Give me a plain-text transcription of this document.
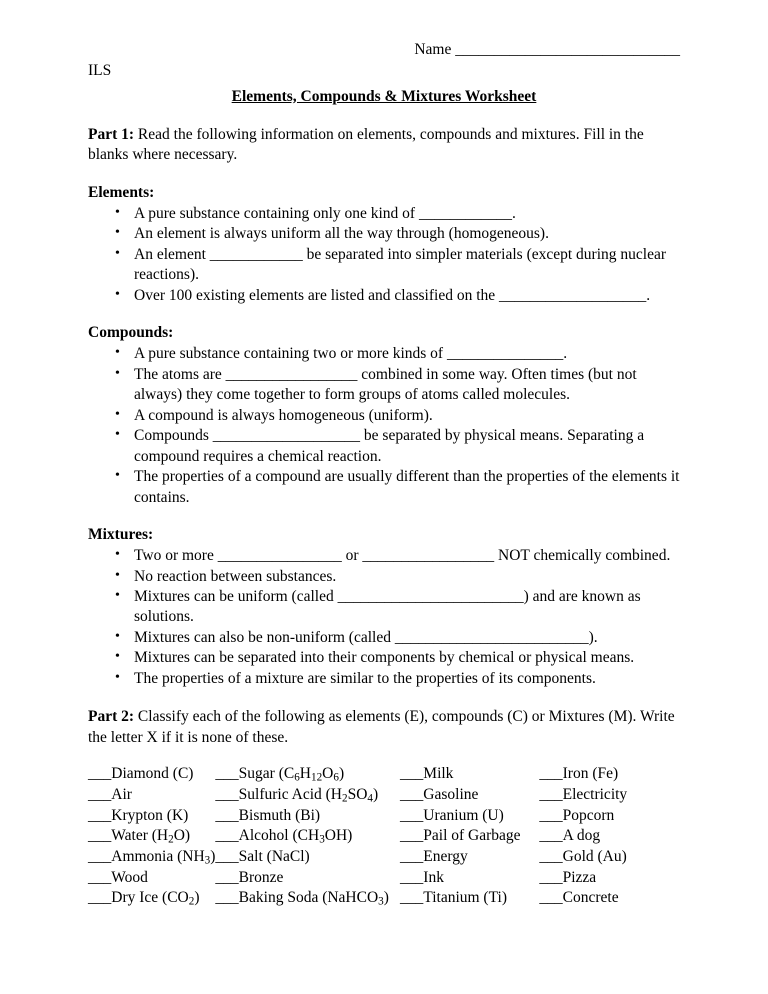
Name _____________________________
ILS
Elements, Compounds & Mixtures Worksheet

Part 1: Read the following information on elements, compounds and mixtures. Fill in the blanks where necessary.

Elements:
• A pure substance containing only one kind of ____________.
• An element is always uniform all the way through (homogeneous).
• An element ____________ be separated into simpler materials (except during nuclear reactions).
• Over 100 existing elements are listed and classified on the ___________________.
Compounds:
• A pure substance containing two or more kinds of _______________.
• The atoms are _________________ combined in some way. Often times (but not always) they come together to form groups of atoms called molecules.
• A compound is always homogeneous (uniform).
• Compounds ___________________ be separated by physical means. Separating a compound requires a chemical reaction.
• The properties of a compound are usually different than the properties of the elements it contains.
Mixtures:
• Two or more ________________ or _________________ NOT chemically combined.
• No reaction between substances.
• Mixtures can be uniform (called ________________________) and are known as solutions.
• Mixtures can also be non-uniform (called _________________________).
• Mixtures can be separated into their components by chemical or physical means.
• The properties of a mixture are similar to the properties of its components.

Part 2: Classify each of the following as elements (E), compounds (C) or Mixtures (M). Write the letter X if it is none of these.

___Diamond (C)	___Sugar $(C_6H_{12}O_6)$	___Milk	___Iron (Fe)
___Air	___Sulfuric Acid $(H_2SO_4)$	___Gasoline	___Electricity
___Krypton (K)	___Bismuth (Bi)	___Uranium (U)	___Popcorn
___Water $(H_2O)$	___Alcohol $(CH_3OH)$	___Pail of Garbage	___A dog
___Ammonia $(NH_3)$	___Salt (NaCl)	___Energy	___Gold (Au)
___Wood	___Bronze	___Ink	___Pizza
___Dry Ice $(CO_2)$	___Baking Soda (NaHCO$_3$)	___Titanium (Ti)	___Concrete
